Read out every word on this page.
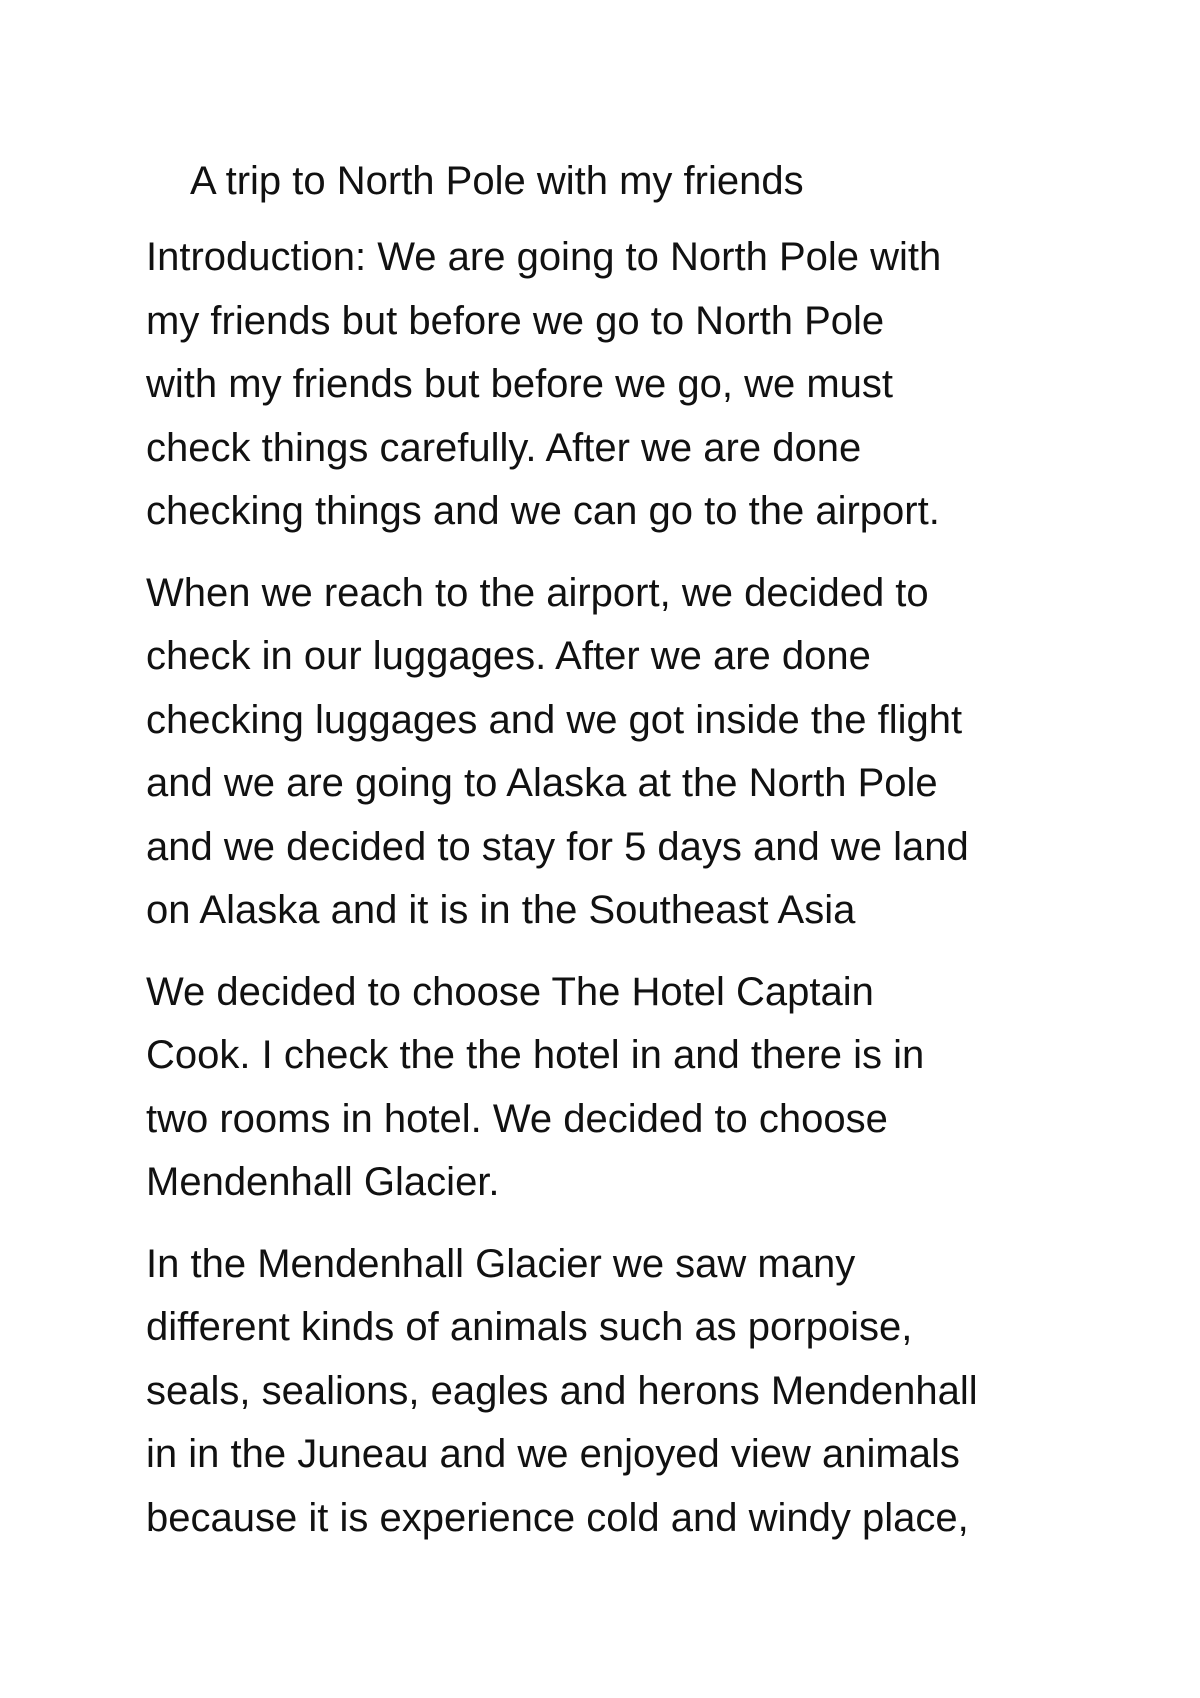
A trip to North Pole with my friends
Introduction: We are going to North Pole with
my friends but before we go to North Pole
with my friends but before we go, we must
check things carefully. After we are done
checking things and we can go to the airport.
When we reach to the airport, we decided to
check in our luggages. After we are done
checking luggages and we got inside the flight
and we are going to Alaska at the North Pole
and we decided to stay for 5 days and we land
on Alaska and it is in the Southeast Asia
We decided to choose The Hotel Captain
Cook. I check the the hotel in and there is in
two rooms in hotel. We decided to choose
Mendenhall Glacier.
In the Mendenhall Glacier we saw many
different kinds of animals such as porpoise,
seals, sealions, eagles and herons Mendenhall
in in the Juneau and we enjoyed view animals
because it is experience cold and windy place,
